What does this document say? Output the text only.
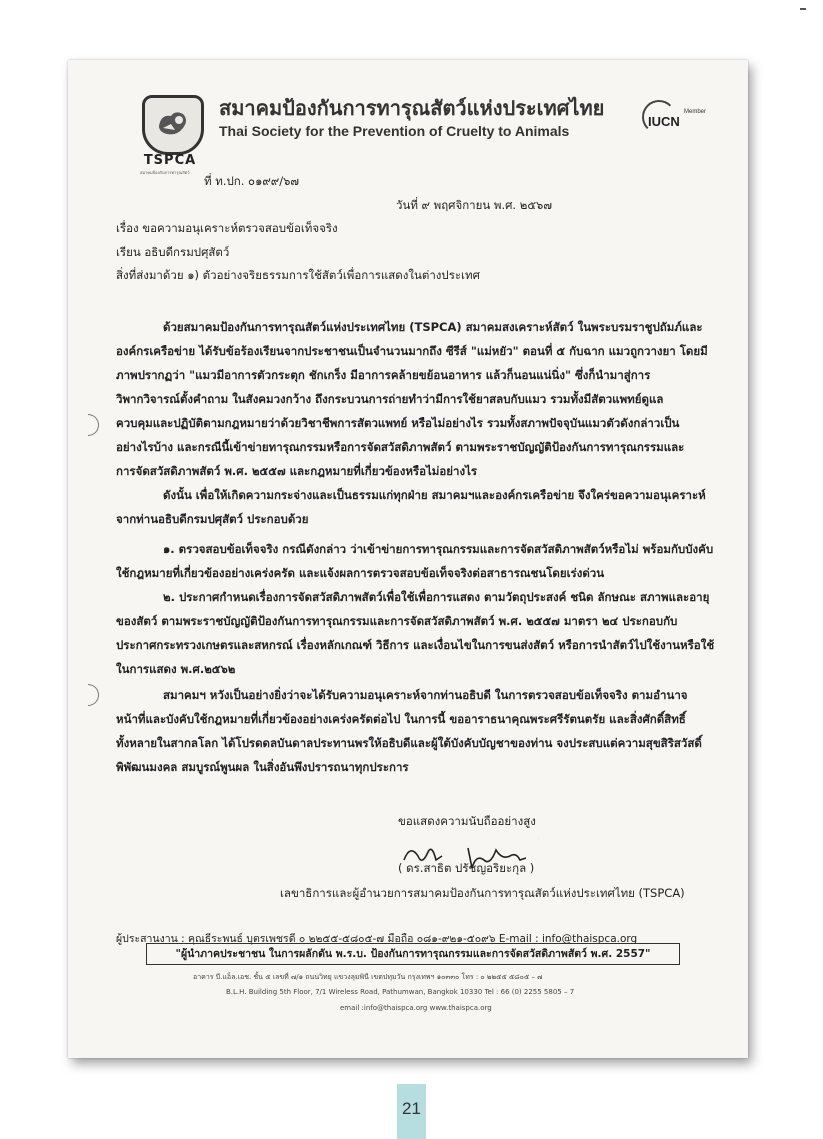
TSPCA
สมาคมป้องกันการทารุณสัตว์
สมาคมป้องกันการทารุณสัตว์แห่งประเทศไทย
Thai Society for the Prevention of Cruelty to Animals
IUCN
Member
ที่ ท.ปก. ๐๑๙๙/๖๗
วันที่ ๙ พฤศจิกายน พ.ศ. ๒๕๖๗
เรื่อง ขอความอนุเคราะห์ตรวจสอบข้อเท็จจริง
เรียน อธิบดีกรมปศุสัตว์
สิ่งที่ส่งมาด้วย ๑) ตัวอย่างจริยธรรมการใช้สัตว์เพื่อการแสดงในต่างประเทศ
ด้วยสมาคมป้องกันการทารุณสัตว์แห่งประเทศไทย (TSPCA) สมาคมสงเคราะห์สัตว์ ในพระบรมราชูปถัมภ์และ
องค์กรเครือข่าย ได้รับข้อร้องเรียนจากประชาชนเป็นจำนวนมากถึง ซีรีส์ "แม่หยัว" ตอนที่ ๕ กับฉาก แมวถูกวางยา โดยมี
ภาพปรากฏว่า "แมวมีอาการตัวกระตุก ชักเกร็ง มีอาการคล้ายขย้อนอาหาร แล้วก็นอนแน่นิ่ง" ซึ่งก็นำมาสู่การ
วิพากวิจารณ์ตั้งคำถาม ในสังคมวงกว้าง ถึงกระบวนการถ่ายทำว่ามีการใช้ยาสลบกับแมว รวมทั้งมีสัตวแพทย์ดูแล
ควบคุมและปฏิบัติตามกฎหมายว่าด้วยวิชาชีพการสัตวแพทย์ หรือไม่อย่างไร รวมทั้งสภาพปัจจุบันแมวตัวดังกล่าวเป็น
อย่างไรบ้าง และกรณีนี้เข้าข่ายทารุณกรรมหรือการจัดสวัสดิภาพสัตว์ ตามพระราชบัญญัติป้องกันการทารุณกรรมและ
การจัดสวัสดิภาพสัตว์ พ.ศ. ๒๕๕๗ และกฎหมายที่เกี่ยวข้องหรือไม่อย่างไร
ดังนั้น เพื่อให้เกิดความกระจ่างและเป็นธรรมแก่ทุกฝ่าย สมาคมฯและองค์กรเครือข่าย จึงใคร่ขอความอนุเคราะห์
จากท่านอธิบดีกรมปศุสัตว์ ประกอบด้วย
๑. ตรวจสอบข้อเท็จจริง กรณีดังกล่าว ว่าเข้าข่ายการทารุณกรรมและการจัดสวัสดิภาพสัตว์หรือไม่ พร้อมกับบังคับ
ใช้กฎหมายที่เกี่ยวข้องอย่างเคร่งครัด และแจ้งผลการตรวจสอบข้อเท็จจริงต่อสาธารณชนโดยเร่งด่วน
๒. ประกาศกำหนดเรื่องการจัดสวัสดิภาพสัตว์เพื่อใช้เพื่อการแสดง ตามวัตถุประสงค์ ชนิด ลักษณะ สภาพและอายุ
ของสัตว์ ตามพระราชบัญญัติป้องกันการทารุณกรรมและการจัดสวัสดิภาพสัตว์ พ.ศ. ๒๕๕๗ มาตรา ๒๔ ประกอบกับ
ประกาศกระทรวงเกษตรและสหกรณ์ เรื่องหลักเกณฑ์ วิธีการ และเงื่อนไขในการขนส่งสัตว์ หรือการนำสัตว์ไปใช้งานหรือใช้
ในการแสดง พ.ศ.๒๕๖๒
สมาคมฯ หวังเป็นอย่างยิ่งว่าจะได้รับความอนุเคราะห์จากท่านอธิบดี ในการตรวจสอบข้อเท็จจริง ตามอำนาจ
หน้าที่และบังคับใช้กฎหมายที่เกี่ยวข้องอย่างเคร่งครัดต่อไป ในการนี้ ขออาราธนาคุณพระศรีรัตนตรัย และสิ่งศักดิ์สิทธิ์
ทั้งหลายในสากลโลก ได้โปรดดลบันดาลประทานพรให้อธิบดีและผู้ใต้บังคับบัญชาของท่าน จงประสบแต่ความสุขสิริสวัสดิ์
พิพัฒนมงคล สมบูรณ์พูนผล ในสิ่งอันพึงปรารถนาทุกประการ
ขอแสดงความนับถืออย่างสูง
( ดร.สาธิต ปรัชญอริยะกุล )
เลขาธิการและผู้อำนวยการสมาคมป้องกันการทารุณสัตว์แห่งประเทศไทย (TSPCA)
ผู้ประสานงาน : คุณธีระพนธ์ บุตรเพชรดี ๐ ๒๒๕๕-๕๘๐๕-๗ มือถือ ๐๘๑-๙๒๑-๕๐๙๖ E-mail : info@thaispca.org
"ผู้นำภาคประชาชน ในการผลักดัน พ.ร.บ. ป้องกันการทารุณกรรมและการจัดสวัสดิภาพสัตว์ พ.ศ. 2557"
อาคาร บี.แอ็ล.เอช. ชั้น ๕ เลขที่ ๗/๑ ถนนวิทยุ แขวงลุมพินี เขตปทุมวัน กรุงเทพฯ ๑๐๓๓๐ โทร : ๐ ๒๒๕๕ ๕๘๐๕ – ๗
B.L.H. Building 5th Floor, 7/1 Wireless Road, Pathumwan, Bangkok 10330 Tel : 66 (0) 2255 5805 – 7
email :info@thaispca.org www.thaispca.org
21
